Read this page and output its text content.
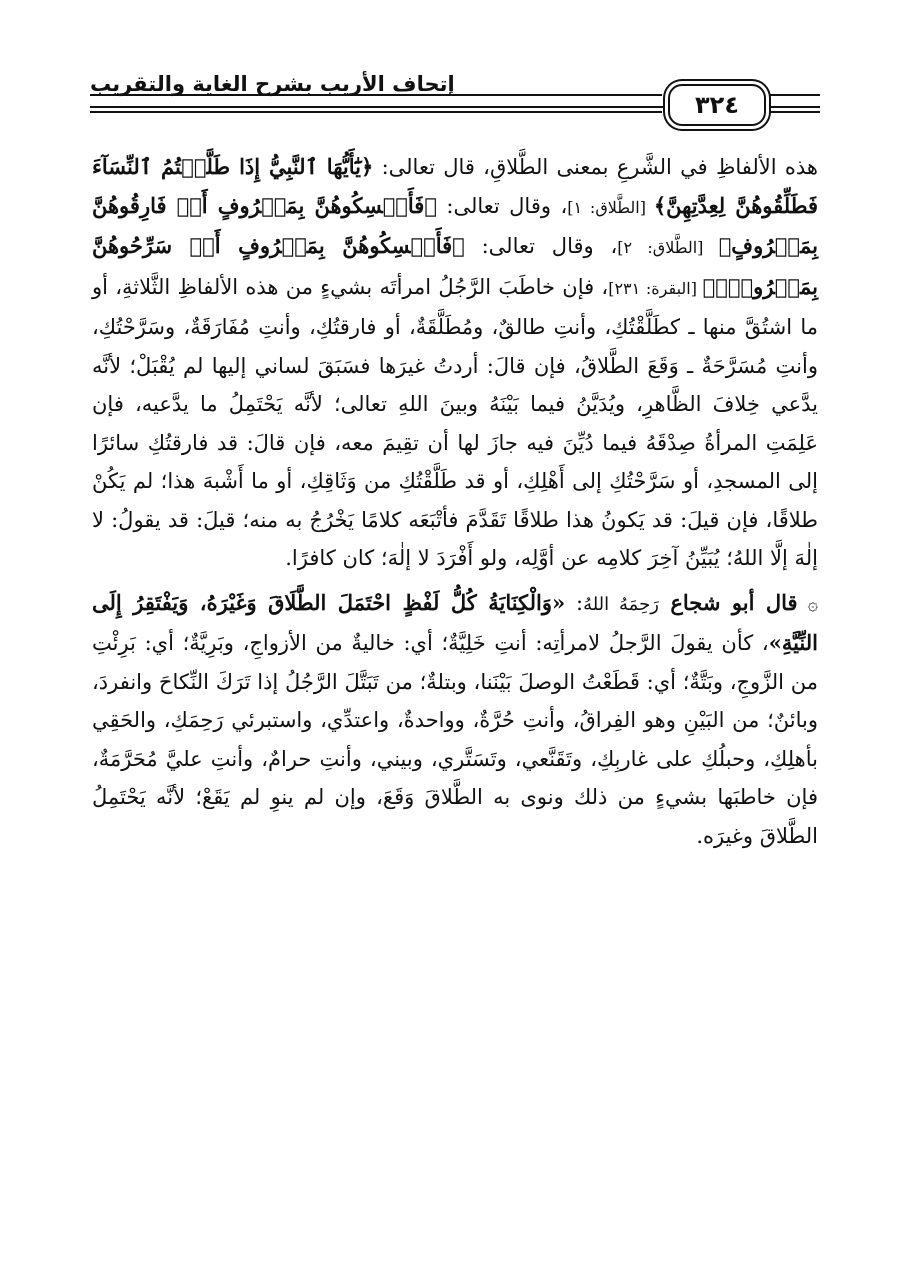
إتحاف الأريب بشرح الغاية والتقريب
٣٢٤

هذه الألفاظِ في الشَّرعِ بمعنى الطَّلاقِ، قال تعالى: ﴿يَٰٓأَيُّهَا ٱلنَّبِيُّ إِذَا طَلَّقۡتُمُ ٱلنِّسَآءَ فَطَلِّقُوهُنَّ لِعِدَّتِهِنَّ﴾ [الطَّلاق: ١]، وقال تعالى: ﴿فَأَمۡسِكُوهُنَّ بِمَعۡرُوفٍ أَوۡ فَارِقُوهُنَّ بِمَعۡرُوفٍ﴾ [الطَّلاق: ٢]، وقال تعالى: ﴿فَأَمۡسِكُوهُنَّ بِمَعۡرُوفٍ أَوۡ سَرِّحُوهُنَّ بِمَعۡرُوفٖۚ﴾ [البقرة: ٢٣١]، فإن خاطَبَ الرَّجُلُ امرأتَه بشيءٍ من هذه الألفاظِ الثَّلاثةِ، أو ما اشتُقَّ منها ـ كطَلَّقْتُكِ، وأنتِ طالقٌ، ومُطَلَّقَةٌ، أو فارقتُكِ، وأنتِ مُفَارَقَةٌ، وسَرَّحْتُكِ، وأنتِ مُسَرَّحَةٌ ـ وَقَعَ الطَّلاقُ، فإن قالَ: أردتُ غيرَها فسَبَقَ لساني إليها لم يُقْبَلْ؛ لأنَّه يدَّعي خِلافَ الظَّاهرِ، ويُدَيَّنُ فيما بَيْنَهُ وبينَ اللهِ تعالى؛ لأنَّه يَحْتَمِلُ ما يدَّعيه، فإن عَلِمَتِ المرأةُ صِدْقَهُ فيما دُيِّنَ فيه جازَ لها أن تقِيمَ معه، فإن قالَ: قد فارقتُكِ سائرًا إلى المسجدِ، أو سَرَّحْتُكِ إلى أَهْلِكِ، أو قد طَلَّقْتُكِ من وَثَاقِكِ، أو ما أَشْبهَ هذا؛ لم يَكُنْ طلاقًا، فإن قيلَ: قد يَكونُ هذا طلاقًا تَقَدَّمَ فأتْبَعَه كلامًا يَخْرُجُ به منه؛ قيلَ: قد يقولُ: لا إلٰهَ إلَّا اللهُ؛ يُبَيِّنُ آخِرَ كلامِه عن أوَّلِه، ولو أَفْرَدَ لا إلٰهَ؛ كان كافرًا.

۞ قال أبو شجاع رَحِمَهُ اللهُ: «وَالْكِنَايَةُ كُلُّ لَفْظٍ احْتَمَلَ الطَّلَاقَ وَغَيْرَهُ، وَيَفْتَقِرُ إِلَى النِّيَّةِ»، كأن يقولَ الرَّجلُ لامرأتِه: أنتِ خَلِيَّةٌ؛ أي: خاليةٌ من الأزواجِ، وبَرِيَّةٌ؛ أي: بَرِئْتِ من الزَّوجِ، وبَتَّةٌ؛ أي: قَطَعْتُ الوصلَ بَيْنَنا، وبتلةٌ؛ من تَبَتَّلَ الرَّجُلُ إذا تَرَكَ النِّكاحَ وانفردَ، وبائنٌ؛ من البَيْنِ وهو الفِراقُ، وأنتِ حُرَّةٌ، وواحدةٌ، واعتدِّي، واستبرئي رَحِمَكِ، والحَقِي بأهلِكِ، وحبلُكِ على غاربِكِ، وتَقَنَّعي، وتَسَتَّري، وبيني، وأنتِ حرامٌ، وأنتِ عليَّ مُحَرَّمَةٌ، فإن خاطبَها بشيءٍ من ذلك ونوى به الطَّلاقَ وَقَعَ، وإن لم ينوِ لم يَقَعْ؛ لأنَّه يَحْتَمِلُ الطَّلاقَ وغيرَه.
